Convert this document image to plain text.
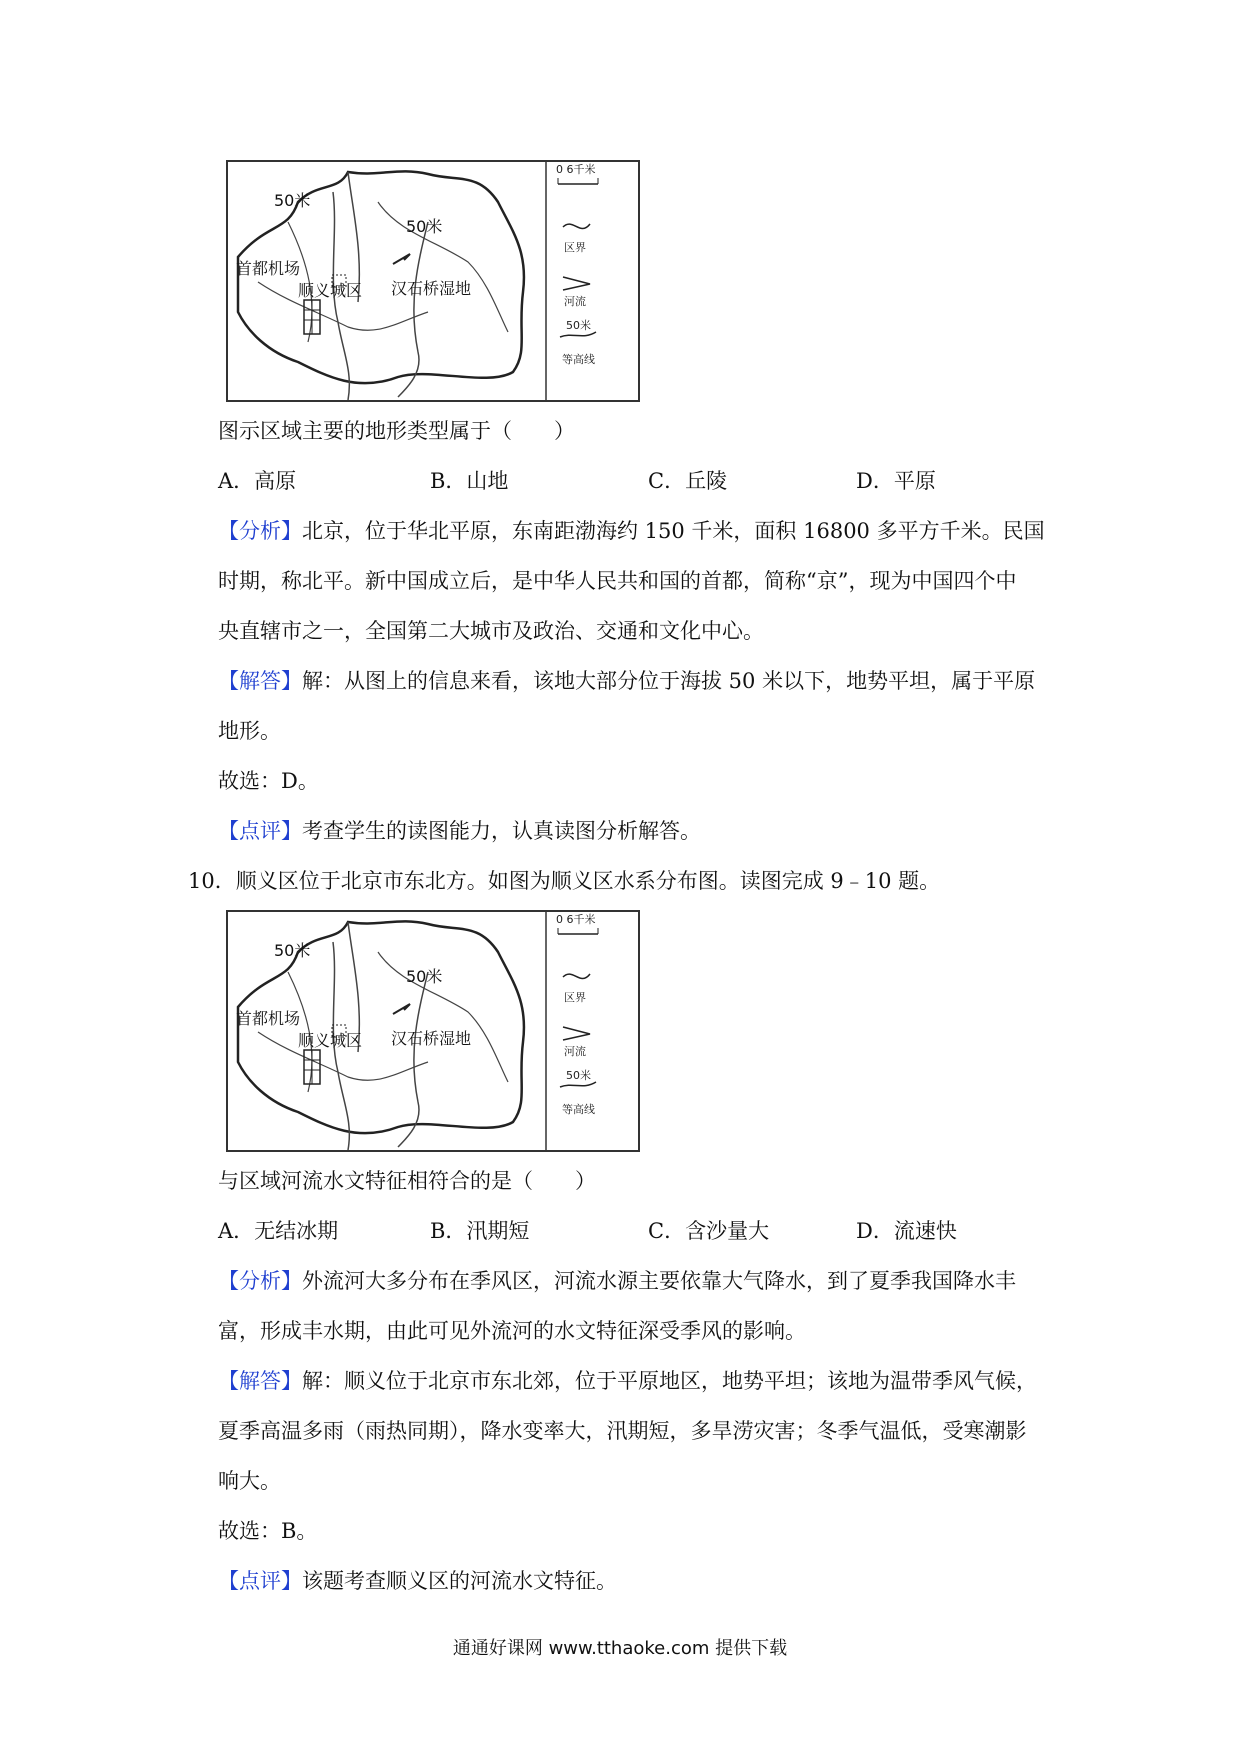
50米
50米
首都机场
顺义城区 汉石桥湿地
0 6千米
区界
河流
50米
等高线
图示区域主要的地形类型属于（　　）
A．高原	B．山地	C．丘陵	D．平原
【分析】北京，位于华北平原，东南距渤海约 150 千米，面积 16800 多平方千米。民国
时期，称北平。新中国成立后，是中华人民共和国的首都，简称“京”，现为中国四个中
央直辖市之一，全国第二大城市及政治、交通和文化中心。
【解答】解：从图上的信息来看，该地大部分位于海拔 50 米以下，地势平坦，属于平原
地形。
故选：D。
【点评】考查学生的读图能力，认真读图分析解答。
10．顺义区位于北京市东北方。如图为顺义区水系分布图。读图完成 9﹣10 题。
50米
50米
首都机场
顺义城区 汉石桥湿地
0 6千米
区界
河流
50米
等高线
与区域河流水文特征相符合的是（　　）
A．无结冰期	B．汛期短	C．含沙量大	D．流速快
【分析】外流河大多分布在季风区，河流水源主要依靠大气降水，到了夏季我国降水丰
富，形成丰水期，由此可见外流河的水文特征深受季风的影响。
【解答】解：顺义位于北京市东北郊，位于平原地区，地势平坦；该地为温带季风气候，
夏季高温多雨（雨热同期），降水变率大，汛期短，多旱涝灾害；冬季气温低，受寒潮影
响大。
故选：B。
【点评】该题考查顺义区的河流水文特征。
通通好课网 www.tthaoke.com 提供下载
